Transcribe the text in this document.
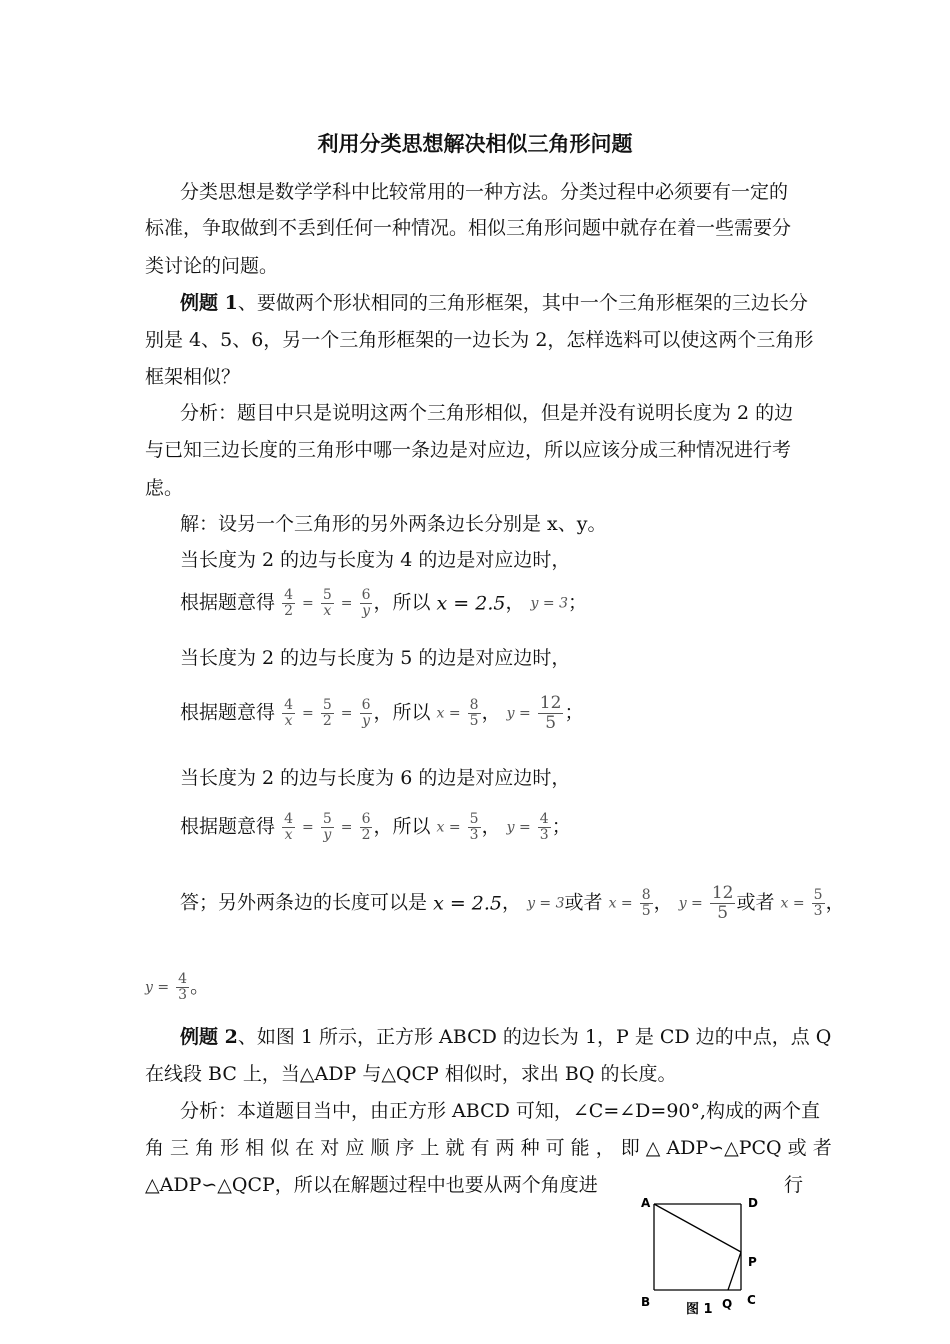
利用分类思想解决相似三角形问题
分类思想是数学学科中比较常用的一种方法。分类过程中必须要有一定的
标准，争取做到不丢到任何一种情况。相似三角形问题中就存在着一些需要分
类讨论的问题。
例题 1、要做两个形状相同的三角形框架，其中一个三角形框架的三边长分
别是 4、5、6，另一个三角形框架的一边长为 2，怎样选料可以使这两个三角形
框架相似？
分析：题目中只是说明这两个三角形相似，但是并没有说明长度为 2 的边
与已知三边长度的三角形中哪一条边是对应边，所以应该分成三种情况进行考
虑。
解：设另一个三角形的另外两条边长分别是 x、y。
当长度为 2 的边与长度为 4 的边是对应边时，
根据题意得 $\frac{4}{2} = \frac{5}{x} = \frac{6}{y}$ ，所以 x = 2.5， y = 3；
当长度为 2 的边与长度为 5 的边是对应边时，
根据题意得 $\frac{4}{x} = \frac{5}{2} = \frac{6}{y}$ ，所以 $x = \frac{8}{5}$ ， $y = \frac{12}{5}$ ；
当长度为 2 的边与长度为 6 的边是对应边时，
根据题意得 $\frac{4}{x} = \frac{5}{y} = \frac{6}{2}$ ，所以 $x = \frac{5}{3}$ ， $y = \frac{4}{3}$ ；
答；另外两条边的长度可以是 x = 2.5， y = 3或者 $x = \frac{8}{5}$ ， $y = \frac{12}{5}$ 或者 $x = \frac{5}{3}$ ，
$y = \frac{4}{3}$ 。
例题 2、如图 1 所示，正方形 ABCD 的边长为 1，P 是 CD 边的中点，点 Q
在线段 BC 上，当△ADP 与△QCP 相似时，求出 BQ 的长度。
分析：本道题目当中，由正方形 ABCD 可知，∠C=∠D=90°,构成的两个直
角 三 角 形 相 似 在 对 应 顺 序 上 就 有 两 种 可 能 ， 即 △ ADP∽△PCQ 或 者
△ADP∽△QCP，所以在解题过程中也要从两个角度进	行
A	D
P
B	Q C
图 1
